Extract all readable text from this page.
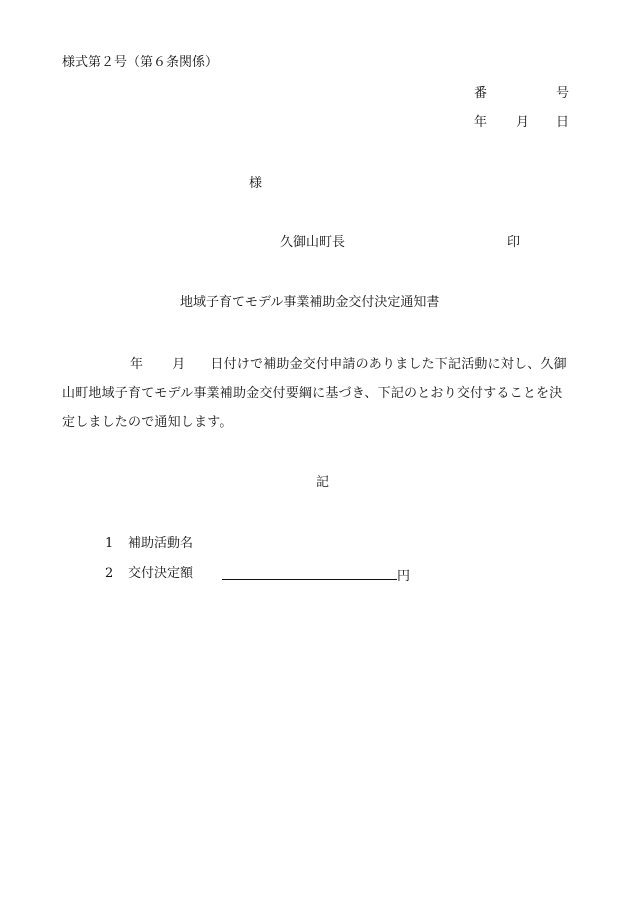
様式第２号（第６条関係）
番	号
年 月 日
様
久御山町長	印
地域子育てモデル事業補助金交付決定通知書

年 月 日付けで補助金交付申請のありました下記活動に対し、久御

山町地域子育てモデル事業補助金交付要綱に基づき、下記のとおり交付することを決

定しましたので通知します。

記
1 補助活動名
2 交付決定額	円
